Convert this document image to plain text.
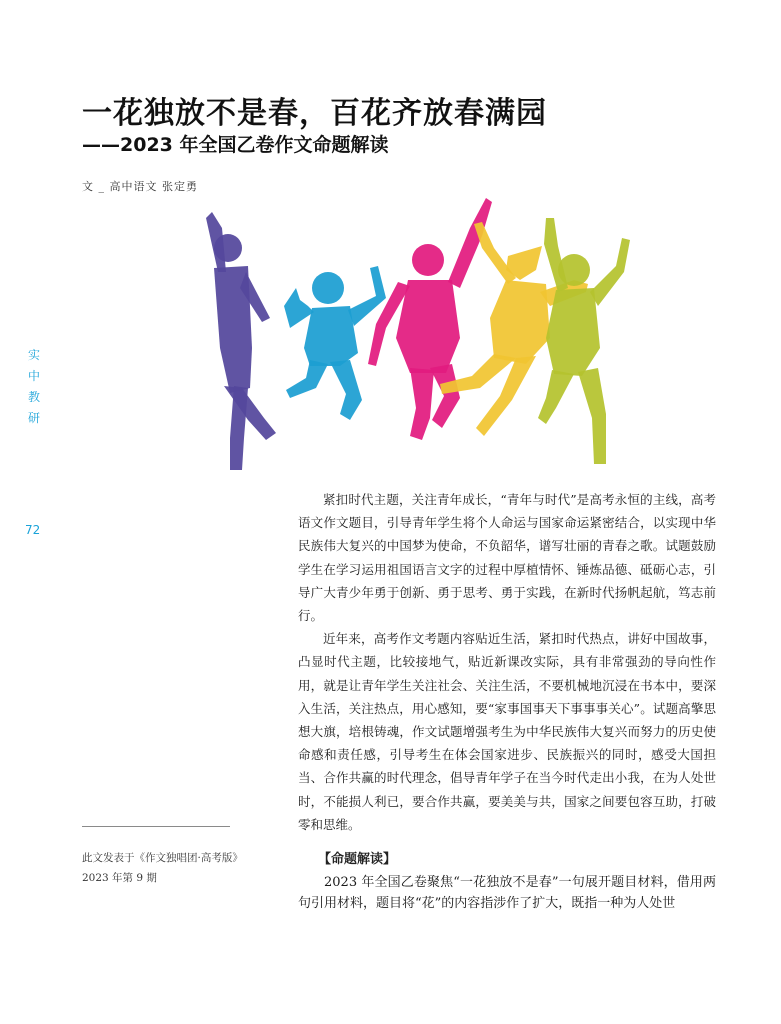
一花独放不是春，百花齐放春满园
——2023 年全国乙卷作文命题解读
文 _ 高中语文 张定勇
实中教研
72

紧扣时代主题，关注青年成长，“青年与时代”是高考永恒的主线，高考语文作文题目，引导青年学生将个人命运与国家命运紧密结合，以实现中华民族伟大复兴的中国梦为使命，不负韶华，谱写壮丽的青春之歌。试题鼓励学生在学习运用祖国语言文字的过程中厚植情怀、锤炼品德、砥砺心志，引导广大青少年勇于创新、勇于思考、勇于实践，在新时代扬帆起航，笃志前行。

近年来，高考作文考题内容贴近生活，紧扣时代热点，讲好中国故事，凸显时代主题，比较接地气，贴近新课改实际，具有非常强劲的导向性作用，就是让青年学生关注社会、关注生活，不要机械地沉浸在书本中，要深入生活，关注热点，用心感知，要“家事国事天下事事事关心”。试题高擎思想大旗，培根铸魂，作文试题增强考生为中华民族伟大复兴而努力的历史使命感和责任感，引导考生在体会国家进步、民族振兴的同时，感受大国担当、合作共赢的时代理念，倡导青年学子在当今时代走出小我，在为人处世时，不能损人利已，要合作共赢，要美美与共，国家之间要包容互助，打破零和思维。

【命题解读】

2023 年全国乙卷聚焦“一花独放不是春”一句展开题目材料，借用两句引用材料，题目将“花”的内容指涉作了扩大，既指一种为人处世

此文发表于《作文独唱团·高考版》2023 年第 9 期
